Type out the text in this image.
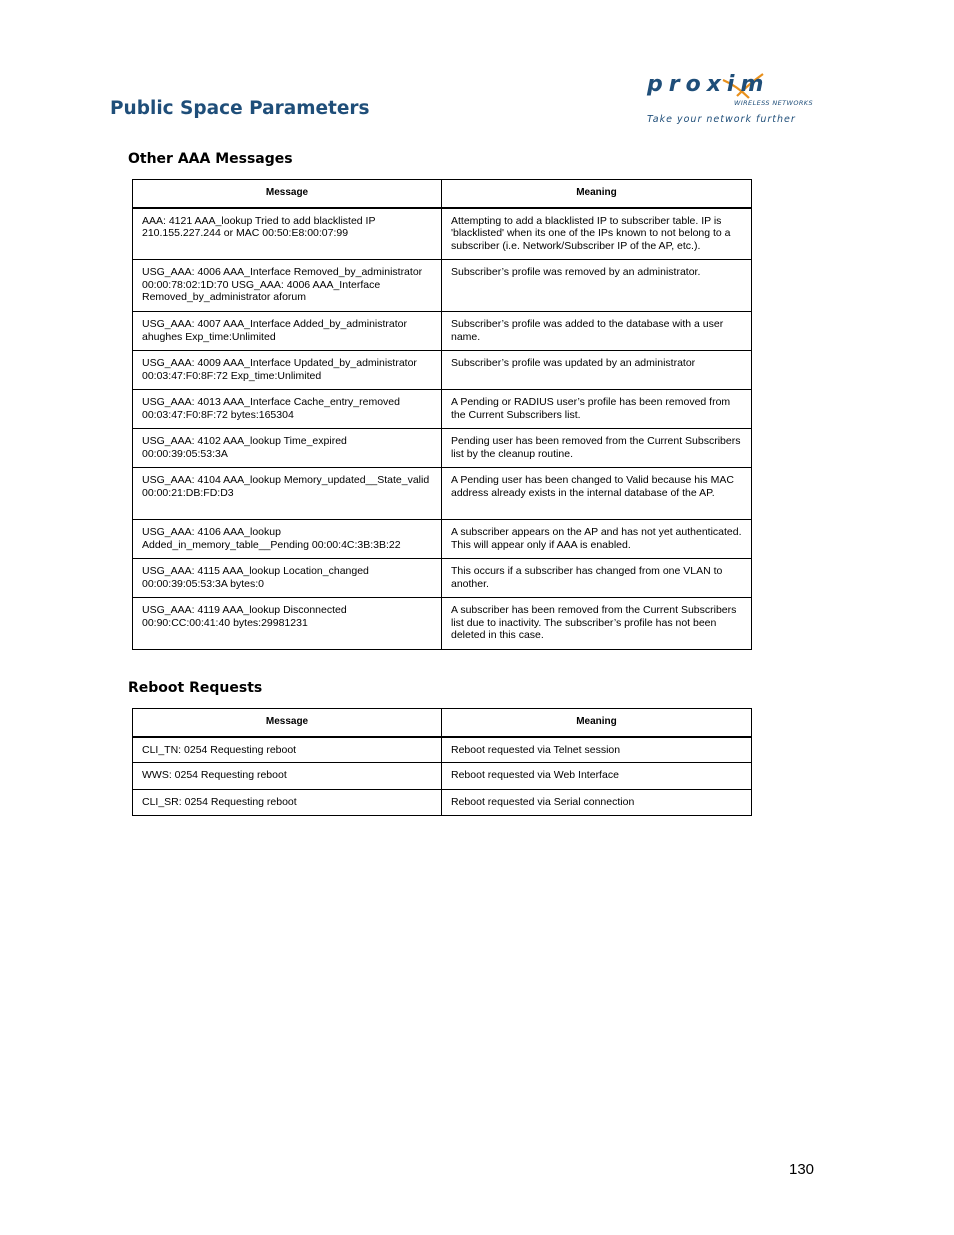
Public Space Parameters
proxim
WIRELESS NETWORKS
Take your network further
Other AAA Messages
Message	Meaning
AAA: 4121 AAA_lookup Tried to add blacklisted IP 210.155.227.244 or MAC 00:50:E8:00:07:99	Attempting to add a blacklisted IP to subscriber table. IP is 'blacklisted' when its one of the IPs known to not belong to a subscriber (i.e. Network/Subscriber IP of the AP, etc.).
USG_AAA: 4006 AAA_Interface Removed_by_administrator 00:00:78:02:1D:70 USG_AAA: 4006 AAA_Interface Removed_by_administrator aforum	Subscriber’s profile was removed by an administrator.
USG_AAA: 4007 AAA_Interface Added_by_administrator ahughes Exp_time:Unlimited	Subscriber’s profile was added to the database with a user name.
USG_AAA: 4009 AAA_Interface Updated_by_administrator 00:03:47:F0:8F:72 Exp_time:Unlimited	Subscriber’s profile was updated by an administrator
USG_AAA: 4013 AAA_Interface Cache_entry_removed 00:03:47:F0:8F:72 bytes:165304	A Pending or RADIUS user’s profile has been removed from the Current Subscribers list.
USG_AAA: 4102 AAA_lookup Time_expired 00:00:39:05:53:3A	Pending user has been removed from the Current Subscribers list by the cleanup routine.
USG_AAA: 4104 AAA_lookup Memory_updated__State_valid 00:00:21:DB:FD:D3	A Pending user has been changed to Valid because his MAC address already exists in the internal database of the AP.
USG_AAA: 4106 AAA_lookup Added_in_memory_table__Pending 00:00:4C:3B:3B:22	A subscriber appears on the AP and has not yet authenticated. This will appear only if AAA is enabled.
USG_AAA: 4115 AAA_lookup Location_changed 00:00:39:05:53:3A bytes:0	This occurs if a subscriber has changed from one VLAN to another.
USG_AAA: 4119 AAA_lookup Disconnected 00:90:CC:00:41:40 bytes:29981231	A subscriber has been removed from the Current Subscribers list due to inactivity. The subscriber’s profile has not been deleted in this case.
Reboot Requests
Message	Meaning
CLI_TN: 0254 Requesting reboot	Reboot requested via Telnet session
WWS: 0254 Requesting reboot	Reboot requested via Web Interface
CLI_SR: 0254 Requesting reboot	Reboot requested via Serial connection
130
